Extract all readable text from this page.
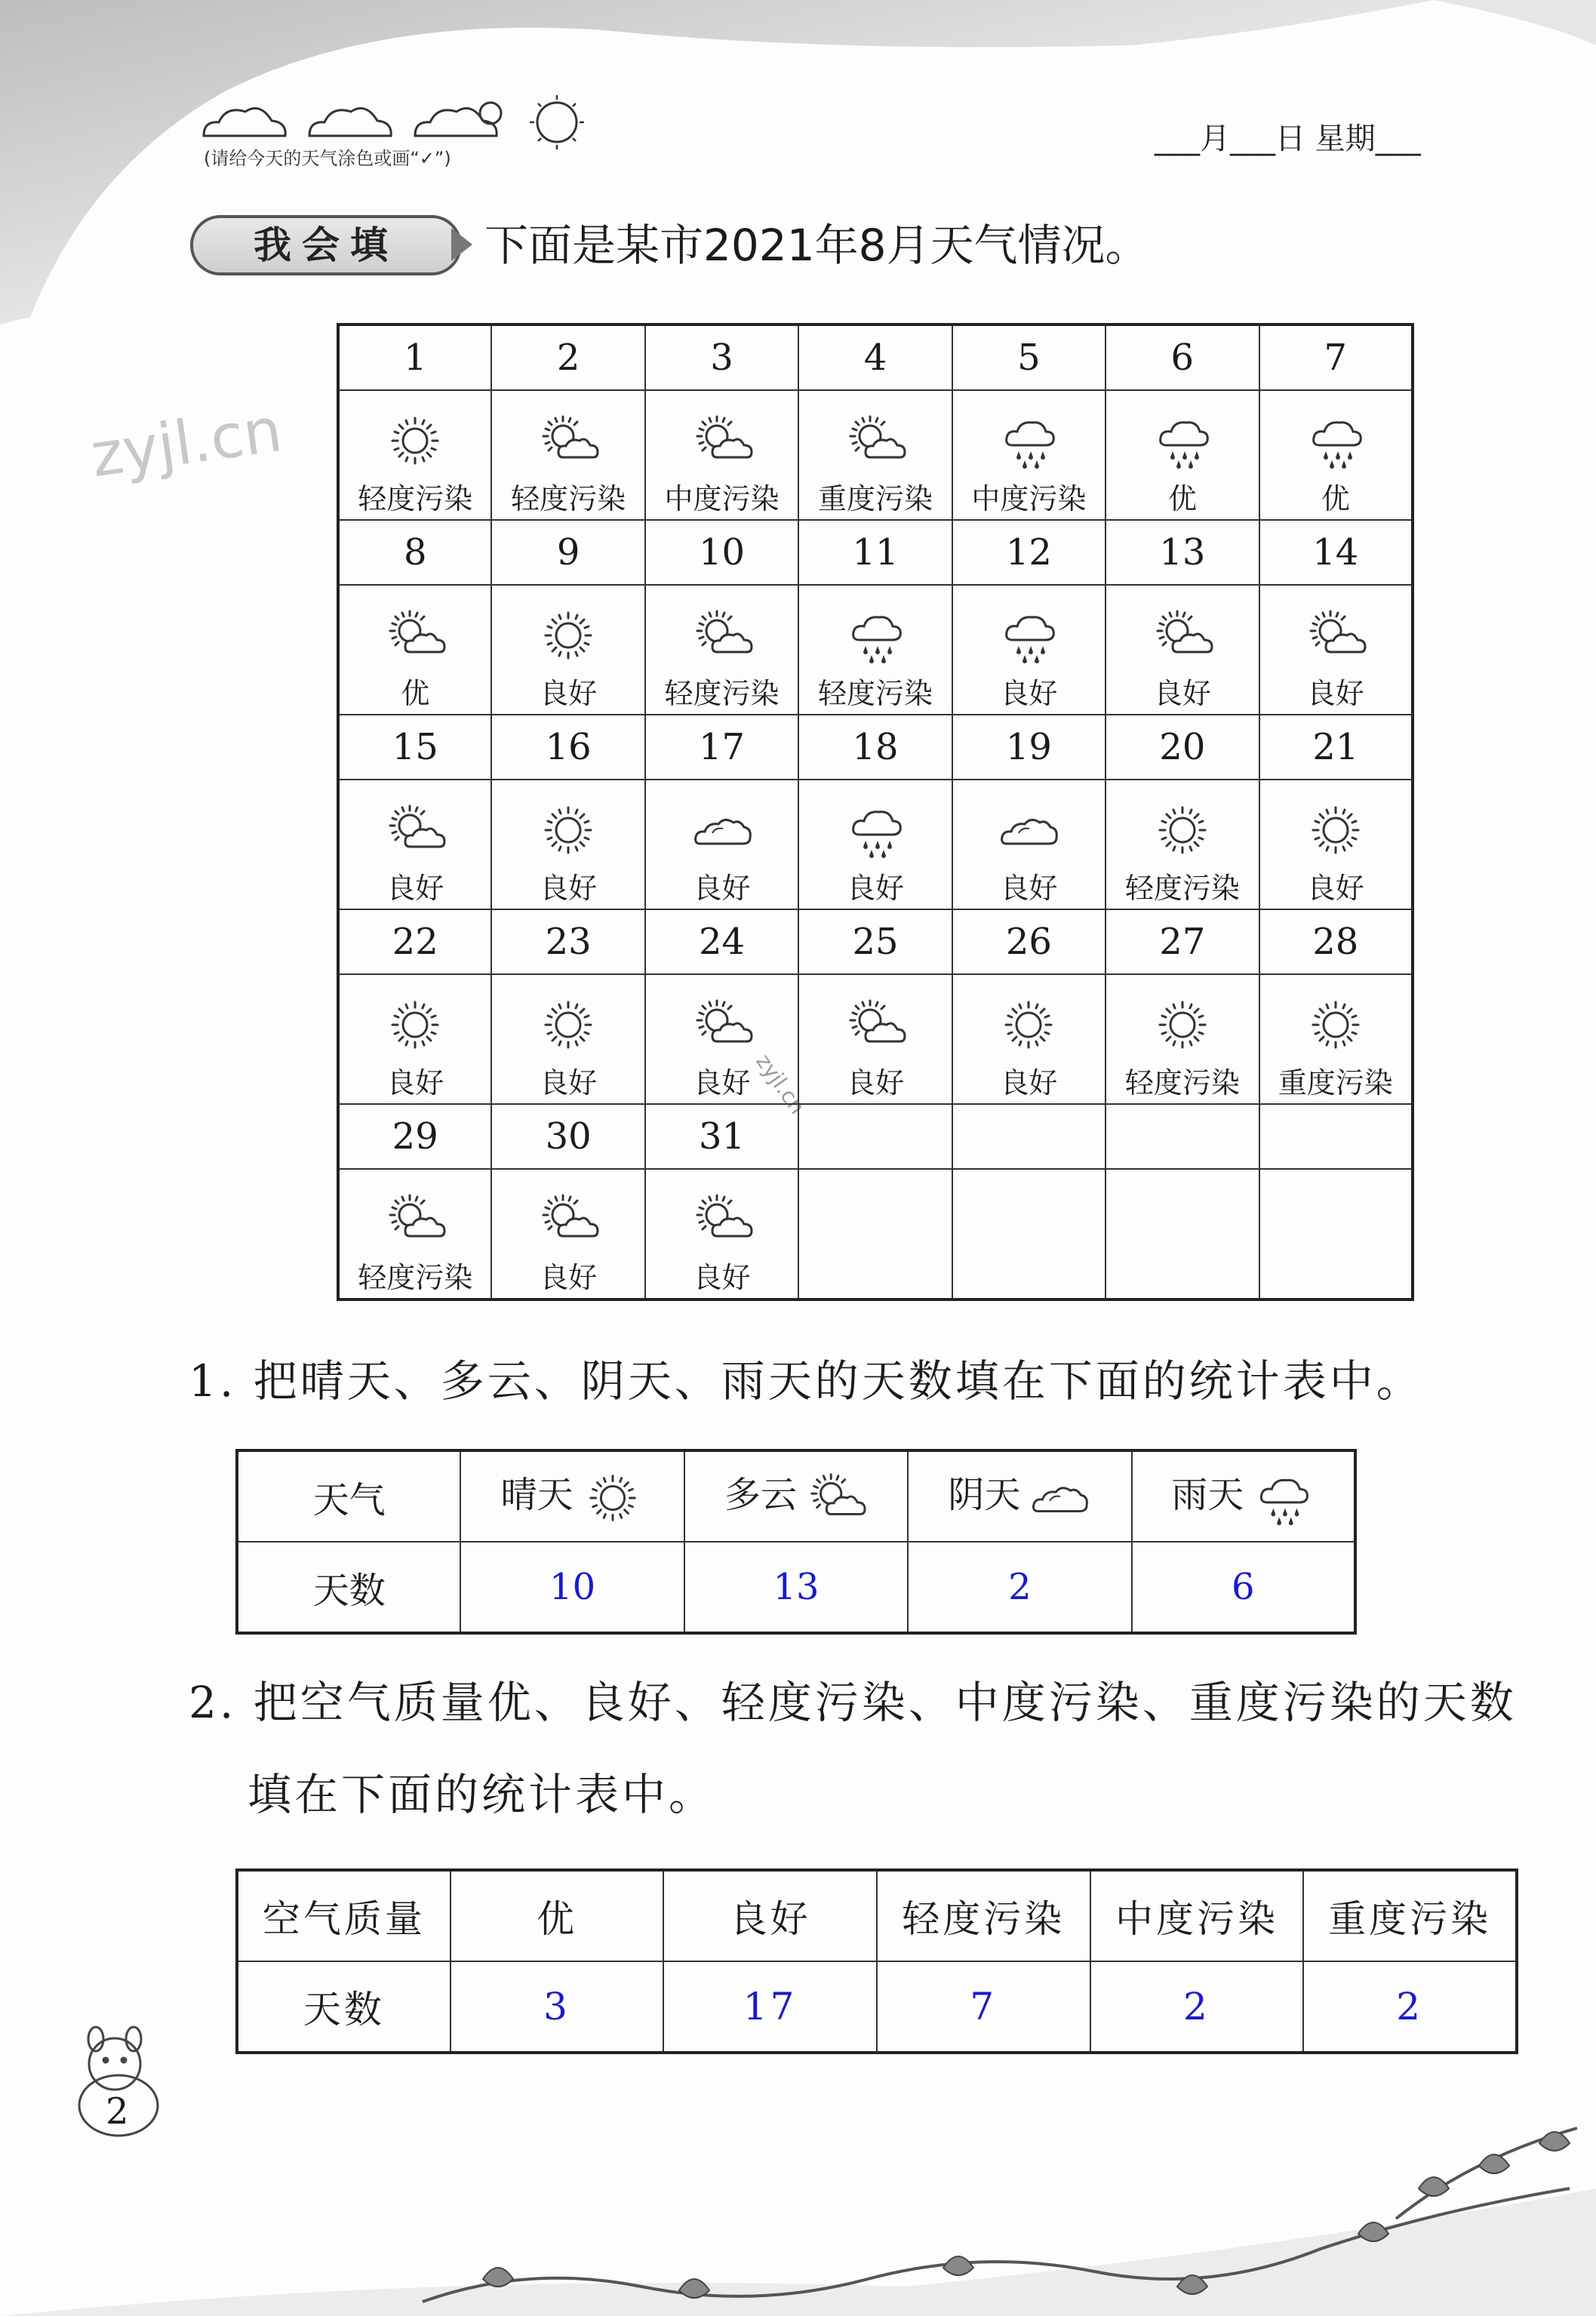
(请给今天的天气涂色或画“✓”)
___月___日 星期___
zyjl.cn
zyjl.cn
我会填	下面是某市2021年8月天气情况。
1	2	3	4	5	6	7

轻度污染	轻度污染	中度污染	重度污染	中度污染	优	优

8	9	10	11	12	13	14

优	良好	轻度污染	轻度污染	良好	良好	良好

15	16	17	18	19	20	21

良好	良好	良好	良好	良好	轻度污染	良好

22	23	24	25	26	27	28

良好	良好	良好	良好	良好	轻度污染	重度污染

29	30	31				

轻度污染	良好	良好				

1. 把晴天、多云、阴天、雨天的天数填在下面的统计表中。
天气	晴天	多云	阴天	雨天
天数	10	13	2	6
2. 把空气质量优、良好、轻度污染、中度污染、重度污染的天数
填在下面的统计表中。
空气质量	优	良好	轻度污染	中度污染	重度污染
天数	3	17	7	2	2
2
